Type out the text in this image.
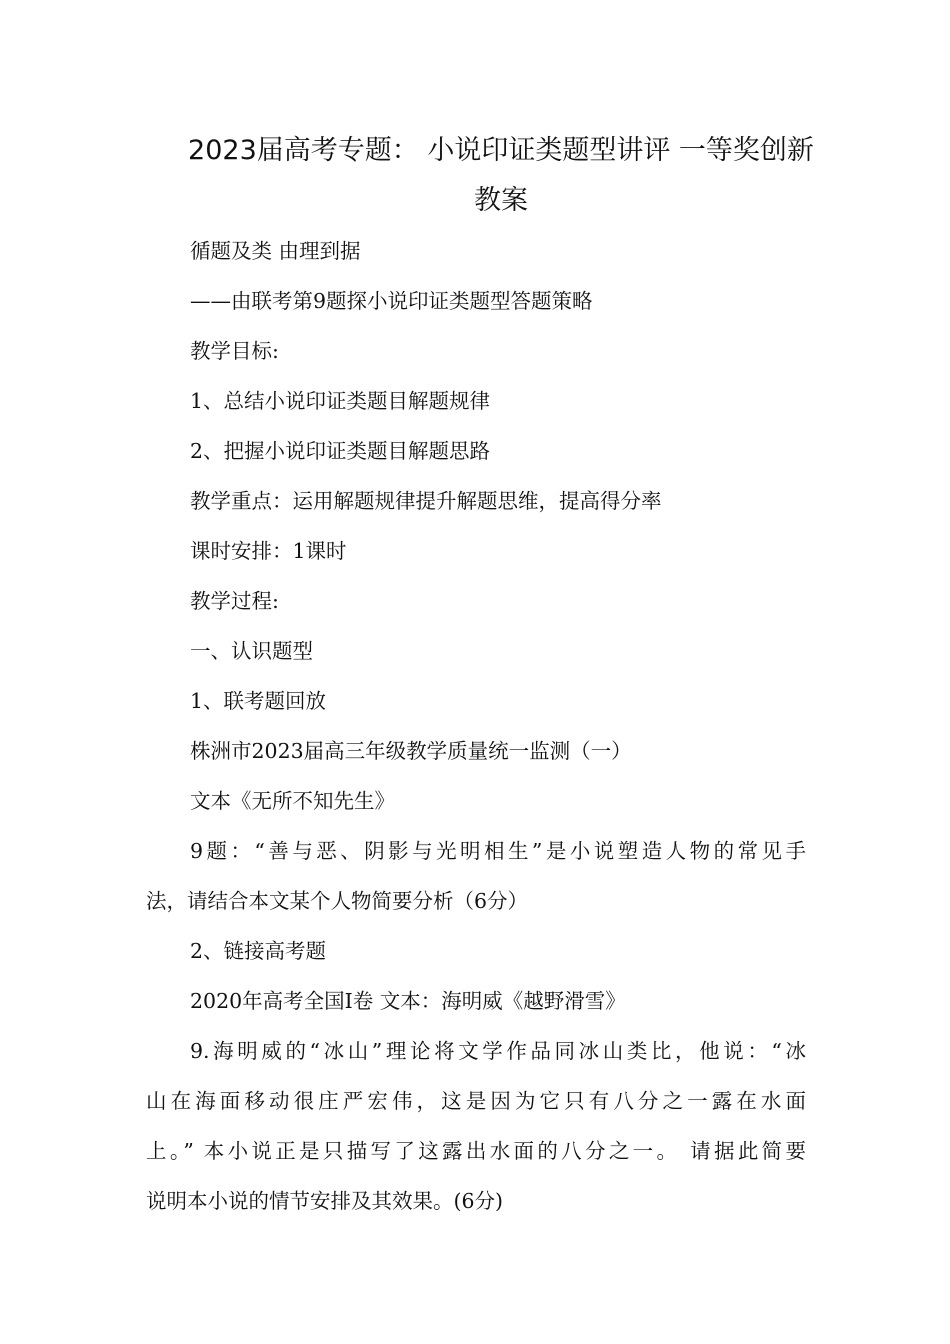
2023届高考专题： 小说印证类题型讲评 一等奖创新
教案
循题及类 由理到据
——由联考第9题探小说印证类题型答题策略
教学目标:
1、总结小说印证类题目解题规律
2、把握小说印证类题目解题思路
教学重点：运用解题规律提升解题思维，提高得分率
课时安排：1课时
教学过程:
一、认识题型
1、联考题回放
株洲市2023届高三年级教学质量统一监测（一）
文本《无所不知先生》
9题：“善与恶、阴影与光明相生”是小说塑造人物的常见手
法，请结合本文某个人物简要分析（6分）
2、链接高考题
2020年高考全国Ⅰ卷 文本：海明威《越野滑雪》
9.海明威的“冰山”理论将文学作品同冰山类比，他说：“冰
山在海面移动很庄严宏伟，这是因为它只有八分之一露在水面
上。” 本小说正是只描写了这露出水面的八分之一。 请据此简要
说明本小说的情节安排及其效果。(6分)
